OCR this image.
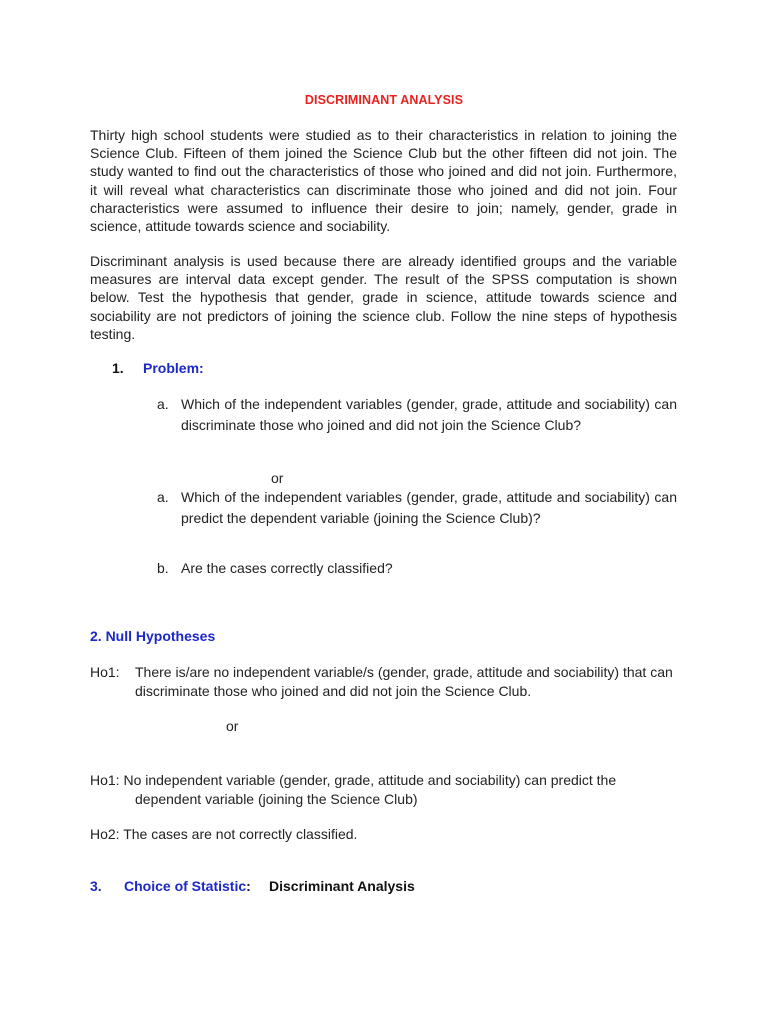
DISCRIMINANT ANALYSIS
Thirty high school students were studied as to their characteristics in relation to joining the Science Club. Fifteen of them joined the Science Club but the other fifteen did not join. The study wanted to find out the characteristics of those who joined and did not join. Furthermore, it will reveal what characteristics can discriminate those who joined and did not join. Four characteristics were assumed to influence their desire to join; namely, gender, grade in science, attitude towards science and sociability.
Discriminant analysis is used because there are already identified groups and the variable measures are interval data except gender. The result of the SPSS computation is shown below. Test the hypothesis that gender, grade in science, attitude towards science and sociability are not predictors of joining the science club. Follow the nine steps of hypothesis testing.
1. Problem:
a. Which of the independent variables (gender, grade, attitude and sociability) can discriminate those who joined and did not join the Science Club?
or
a. Which of the independent variables (gender, grade, attitude and sociability) can predict the dependent variable (joining the Science Club)?
b. Are the cases correctly classified?
2. Null Hypotheses
Ho1: There is/are no independent variable/s (gender, grade, attitude and sociability) that can discriminate those who joined and did not join the Science Club.
or
Ho1: No independent variable (gender, grade, attitude and sociability) can predict the
dependent variable (joining the Science Club)
Ho2: The cases are not correctly classified.
3. Choice of Statistic: Discriminant Analysis
